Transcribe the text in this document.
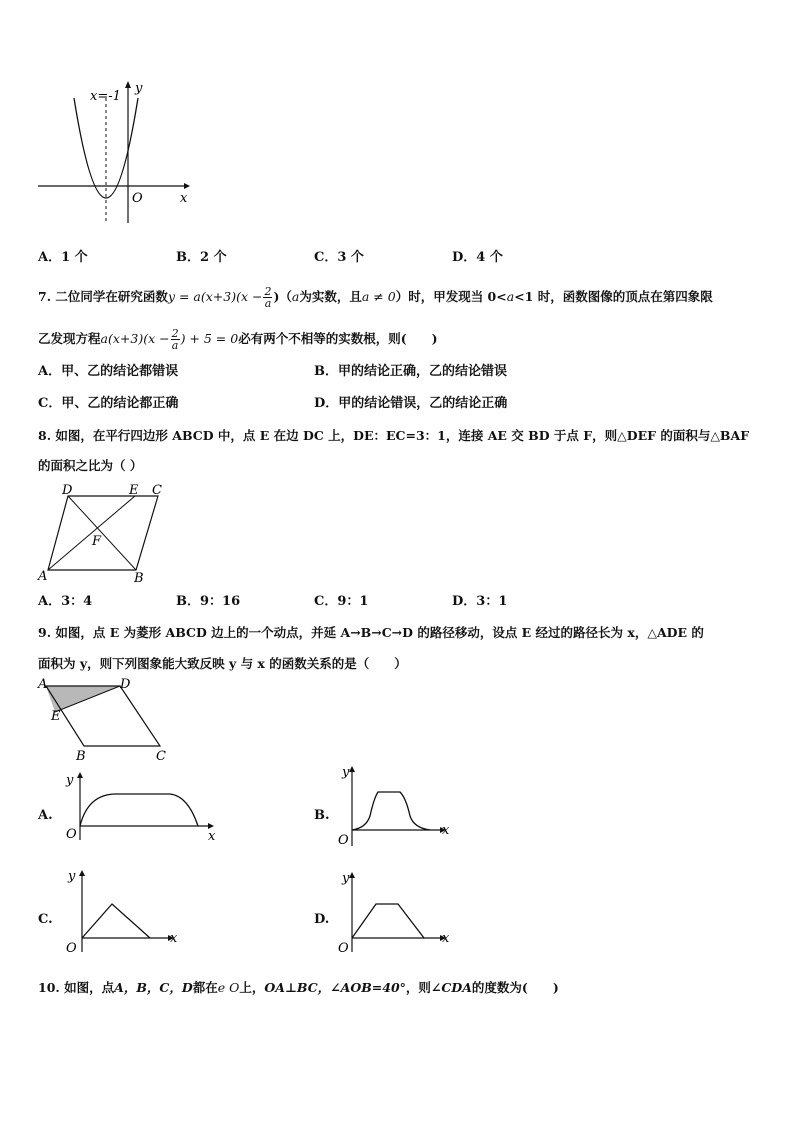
x=-1
y
O	x
A．1 个	B．2 个	C．3 个	D．4 个
7. 二位同学在研究函数$y = a(x+3)(x - \frac{2}{a} )(a$为实数，且a ≠ 0）时，甲发现当 0<a<1 时，函数图像的顶点在第四象限
乙发现方程$a(x+3)(x - \frac{2}{a}$ ) + 5 = 0必有两个不相等的实数根，则(　　)
A．甲、乙的结论都错误	B．甲的结论正确，乙的结论错误
C．甲、乙的结论都正确	D．甲的结论错误，乙的结论正确
8. 如图，在平行四边形 ABCD 中，点 E 在边 DC 上，DE：EC=3：1，连接 AE 交 BD 于点 F，则△DEF 的面积与△BAF
的面积之比为（ ）
D	E C
F
A	B
A．3：4	B．9：16	C．9：1	D．3：1
9. 如图，点 E 为菱形 ABCD 边上的一个动点，并延 A→B→C→D 的路径移动，设点 E 经过的路径长为 x，△ADE 的
面积为 y，则下列图象能大致反映 y 与 x 的函数关系的是（　　）
A	D
E
B	C
A.
y
O	x
B.
y
O
x
C.
y
O
x
D.
y
O
x
10. 如图，点A，B，C，D都在e O上，OA⊥BC，∠AOB=40°，则∠CDA的度数为(　　)
